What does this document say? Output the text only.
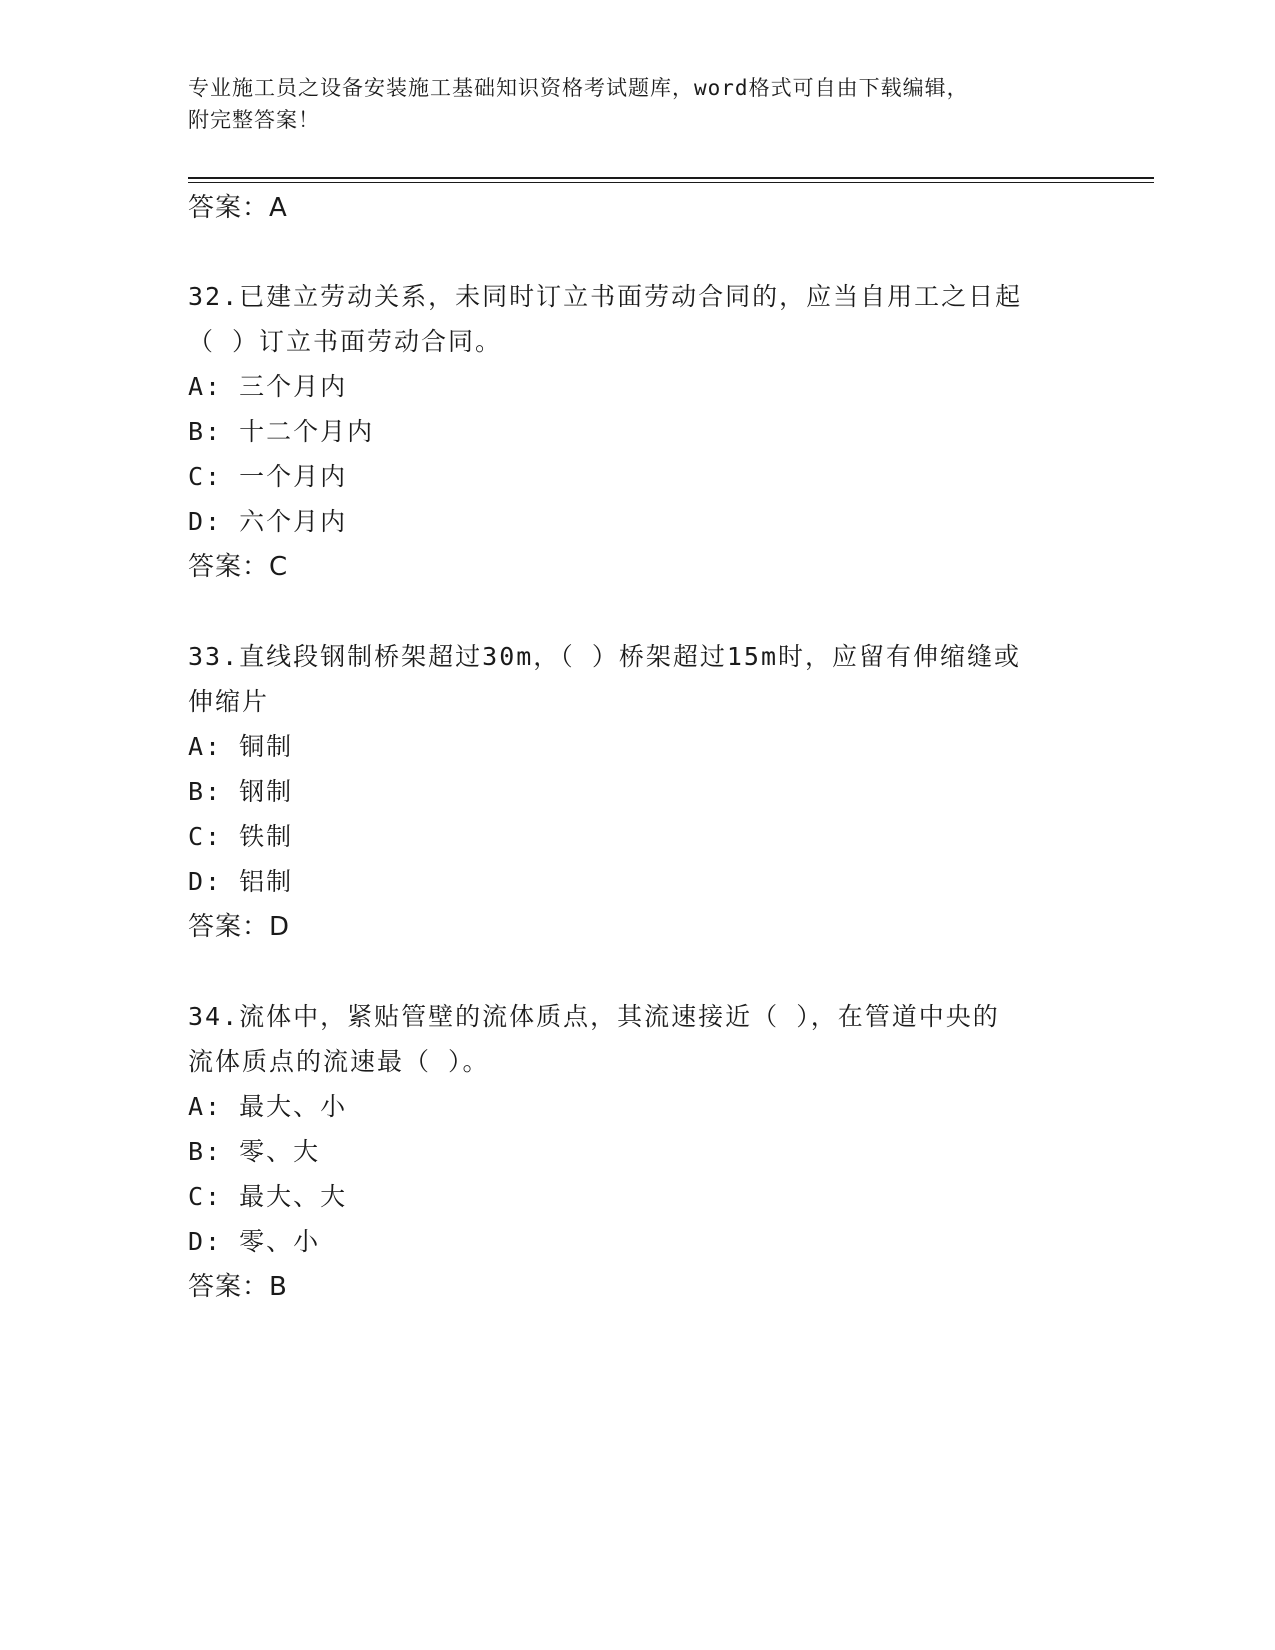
专业施工员之设备安装施工基础知识资格考试题库，word格式可自由下载编辑，
附完整答案！
答案：A
32.已建立劳动关系，未同时订立书面劳动合同的，应当自用工之日起
（ ）订立书面劳动合同。
A: 三个月内
B: 十二个月内
C: 一个月内
D: 六个月内
答案：C
33.直线段钢制桥架超过30m，（ ）桥架超过15m时，应留有伸缩缝或
伸缩片
A: 铜制
B: 钢制
C: 铁制
D: 铝制
答案：D
34.流体中，紧贴管壁的流体质点，其流速接近（ ），在管道中央的
流体质点的流速最（ ）。
A: 最大、小
B: 零、大
C: 最大、大
D: 零、小
答案：B
